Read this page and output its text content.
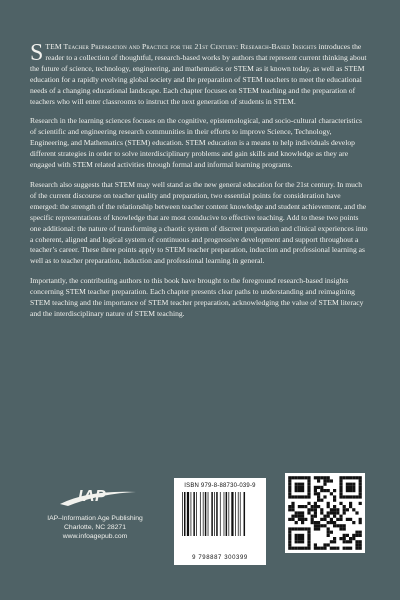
STEM Teacher Preparation and Practice for the 21st Century: Research-Based Insights introduces the reader to a collection of thoughtful, research-based works by authors that represent current thinking about the future of science, technology, engineering, and mathematics or STEM as it known today, as well as STEM education for a rapidly evolving global society and the preparation of STEM teachers to meet the educational needs of a changing educational landscape. Each chapter focuses on STEM teaching and the preparation of teachers who will enter classrooms to instruct the next generation of students in STEM.

Research in the learning sciences focuses on the cognitive, epistemological, and socio-cultural characteristics of scientific and engineering research communities in their efforts to improve Science, Technology, Engineering, and Mathematics (STEM) education. STEM education is a means to help individuals develop different strategies in order to solve interdisciplinary problems and gain skills and knowledge as they are engaged with STEM related activities through formal and informal learning programs.

Research also suggests that STEM may well stand as the new general education for the 21st century. In much of the current discourse on teacher quality and preparation, two essential points for consideration have emerged: the strength of the relationship between teacher content knowledge and student achievement, and the specific representations of knowledge that are most conducive to effective teaching. Add to these two points one additional: the nature of transforming a chaotic system of discreet preparation and clinical experiences into a coherent, aligned and logical system of continuous and progressive development and support throughout a teacher’s career. These three points apply to STEM teacher preparation, induction and professional learning as well as to teacher preparation, induction and professional learning in general.

Importantly, the contributing authors to this book have brought to the foreground research-based insights concerning STEM teacher preparation. Each chapter presents clear paths to understanding and reimagining STEM teaching and the importance of STEM teacher preparation, acknowledging the value of STEM literacy and the interdisciplinary nature of STEM teaching.

IAP
IAP–Information Age Publishing
Charlotte, NC 28271
www.infoagepub.com
ISBN 979-8-88730-039-9
9 798887 300399
